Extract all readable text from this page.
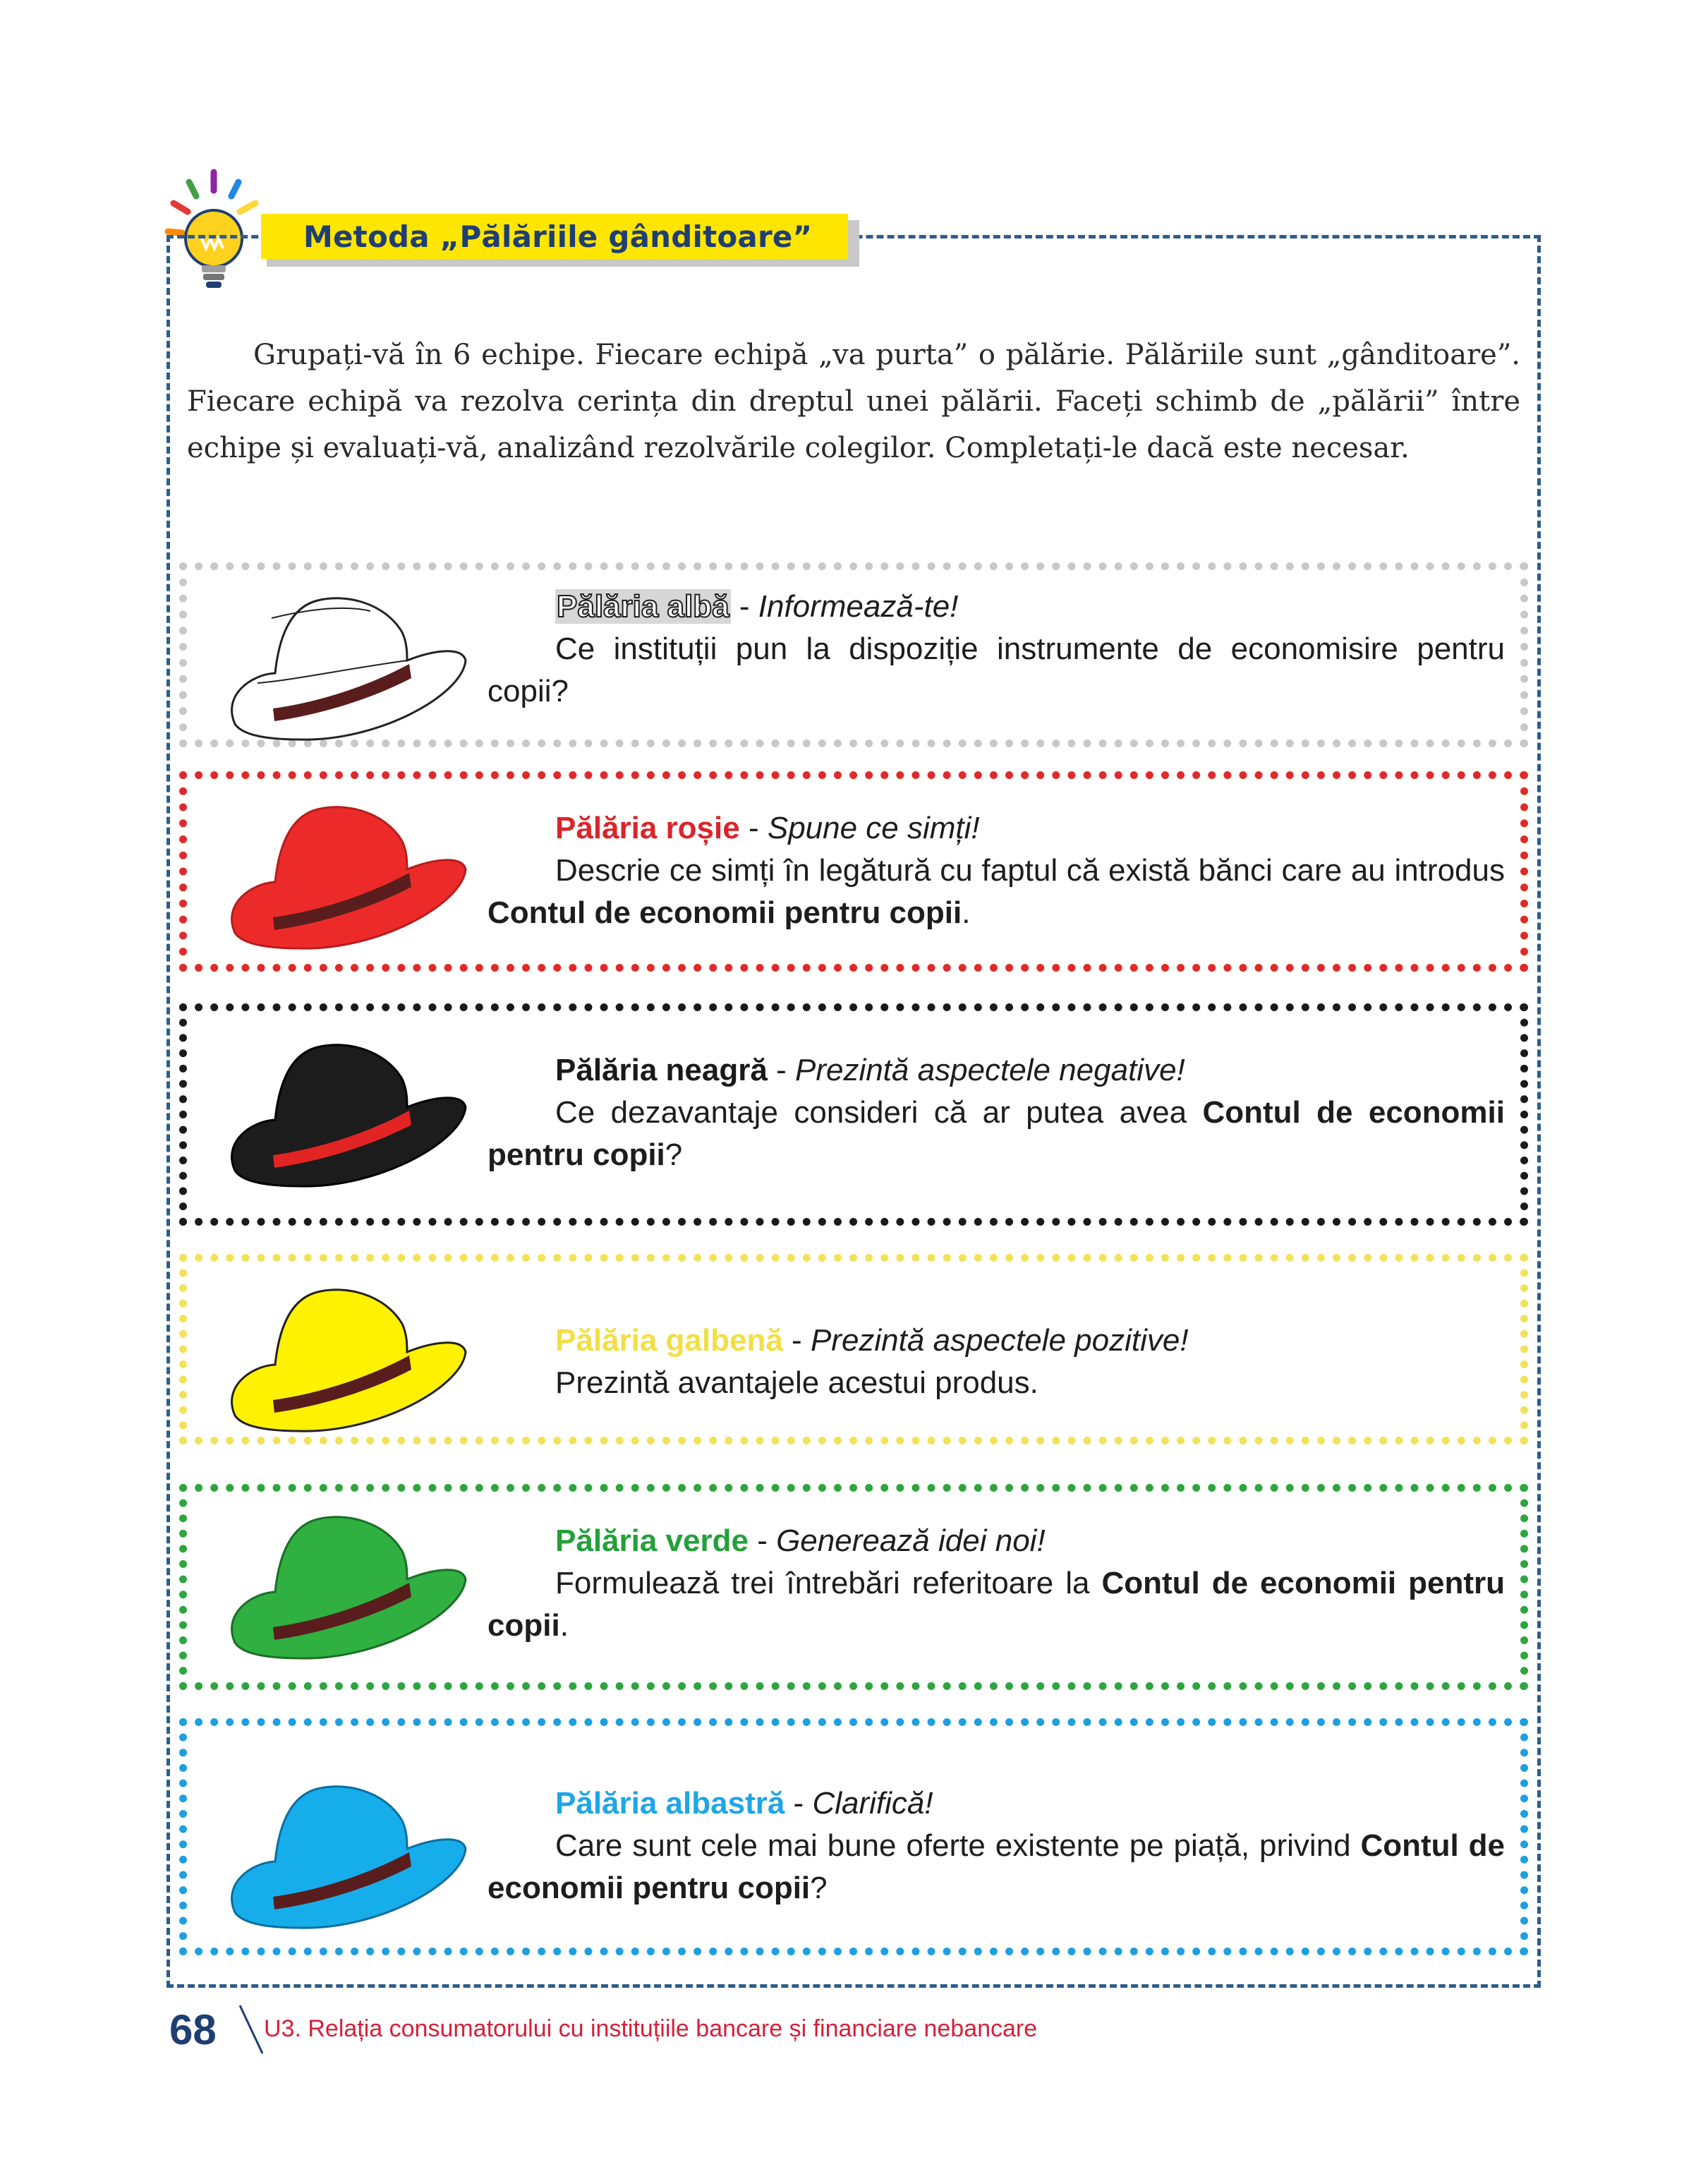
Metoda „Pălăriile gânditoare”

Grupați-vă în 6 echipe. Fiecare echipă „va purta” o pălărie. Pălăriile sunt „gânditoare”. Fiecare echipă va rezolva cerința din dreptul unei pălării. Faceți schimb de „pălării” între echipe și evaluați-vă, analizând rezolvările colegilor. Completați-le dacă este necesar.

Pălăria albă - Informează-te!

Ce instituții pun la dispoziție instrumente de economisire pentru copii?

Pălăria roșie - Spune ce simți!

Descrie ce simți în legătură cu faptul că există bănci care au introdus Contul de economii pentru copii.

Pălăria neagră - Prezintă aspectele negative!

Ce dezavantaje consideri că ar putea avea Contul de economii pentru copii?

Pălăria galbenă - Prezintă aspectele pozitive!

Prezintă avantajele acestui produs.

Pălăria verde - Generează idei noi!

Formulează trei întrebări referitoare la Contul de economii pentru copii.

Pălăria albastră - Clarifică!

Care sunt cele mai bune oferte existente pe piață, privind Contul de economii pentru copii?

68 U3. Relația consumatorului cu instituțiile bancare și financiare nebancare
